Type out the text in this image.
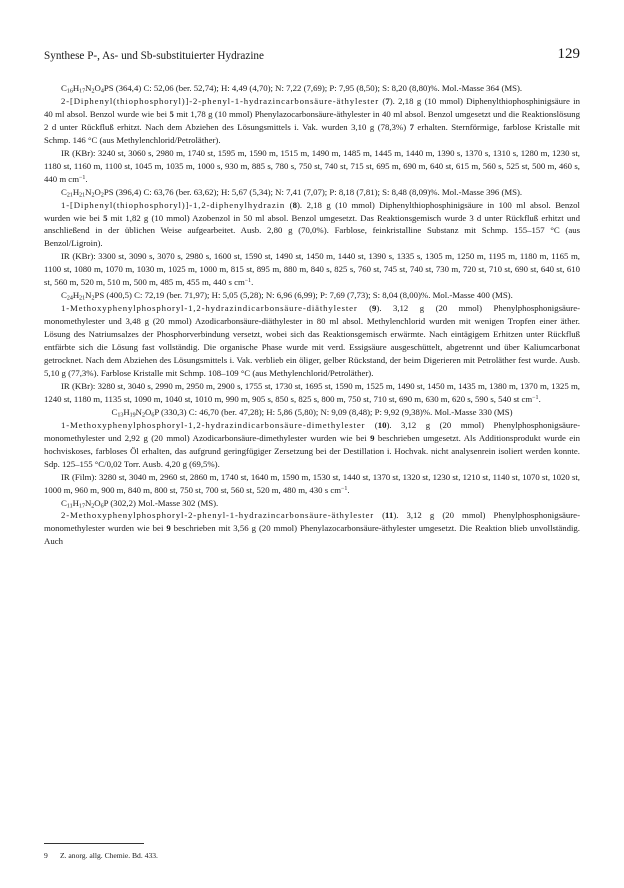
Synthese P-, As- und Sb-substituierter Hydrazine	129

$C_{16}H_{17}N_2O_4PS$ (364,4) C: 52,06 (ber. 52,74); H: 4,49 (4,70); N: 7,22 (7,69); P: 7,95 (8,50); S: 8,20 (8,80)%. Mol.-Masse 364 (MS).

2-[Diphenyl(thiophosphoryl)]-2-phenyl-1-hydrazincarbonsäure-äthylester (7). 2,18 g (10 mmol) Diphenylthiophosphinigsäure in 40 ml absol. Benzol wurde wie bei 5 mit 1,78 g (10 mmol) Phenylazocarbonsäure-äthylester in 40 ml absol. Benzol umgesetzt und die Reaktionslösung 2 d unter Rückfluß erhitzt. Nach dem Abziehen des Lösungsmittels i. Vak. wurden 3,10 g (78,3%) 7 erhalten. Sternförmige, farblose Kristalle mit Schmp. 146 °C (aus Methylenchlorid/Petroläther).

IR (KBr): 3240 st, 3060 s, 2980 m, 1740 st, 1595 m, 1590 m, 1515 m, 1490 m, 1485 m, 1445 m, 1440 m, 1390 s, 1370 s, 1310 s, 1280 m, 1230 st, 1180 st, 1160 m, 1100 st, 1045 m, 1035 m, 1000 s, 930 m, 885 s, 780 s, 750 st, 740 st, 715 st, 695 m, 690 m, 640 st, 615 m, 560 s, 525 st, 500 m, 460 s, 440 m $cm^{-1}$.

$C_{21}H_{21}N_2O_2PS$ (396,4) C: 63,76 (ber. 63,62); H: 5,67 (5,34); N: 7,41 (7,07); P: 8,18 (7,81); S: 8,48 (8,09)%. Mol.-Masse 396 (MS).

1-[Diphenyl(thiophosphoryl)]-1,2-diphenylhydrazin (8). 2,18 g (10 mmol) Diphenylthiophosphinigsäure in 100 ml absol. Benzol wurden wie bei 5 mit 1,82 g (10 mmol) Azobenzol in 50 ml absol. Benzol umgesetzt. Das Reaktionsgemisch wurde 3 d unter Rückfluß erhitzt und anschließend in der üblichen Weise aufgearbeitet. Ausb. 2,80 g (70,0%). Farblose, feinkristalline Substanz mit Schmp. 155–157 °C (aus Benzol/Ligroin).

IR (KBr): 3300 st, 3090 s, 3070 s, 2980 s, 1600 st, 1590 st, 1490 st, 1450 m, 1440 st, 1390 s, 1335 s, 1305 m, 1250 m, 1195 m, 1180 m, 1165 m, 1100 st, 1080 m, 1070 m, 1030 m, 1025 m, 1000 m, 815 st, 895 m, 880 m, 840 s, 825 s, 760 st, 745 st, 740 st, 730 m, 720 st, 710 st, 690 st, 640 st, 610 st, 560 m, 520 m, 510 m, 500 m, 485 m, 455 m, 440 s $cm^{-1}$.

$C_{24}H_{21}N_2PS$ (400,5) C: 72,19 (ber. 71,97); H: 5,05 (5,28); N: 6,96 (6,99); P: 7,69 (7,73); S: 8,04 (8,00)%. Mol.-Masse 400 (MS).

1-Methoxyphenylphosphoryl-1,2-hydrazindicarbonsäure-diäthylester (9). 3,12 g (20 mmol) Phenylphosphonigsäure-monomethylester und 3,48 g (20 mmol) Azodicarbonsäure-diäthylester in 80 ml absol. Methylenchlorid wurden mit wenigen Tropfen einer äther. Lösung des Natriumsalzes der Phosphorverbindung versetzt, wobei sich das Reaktionsgemisch erwärmte. Nach eintägigem Erhitzen unter Rückfluß entfärbte sich die Lösung fast vollständig. Die organische Phase wurde mit verd. Essigsäure ausgeschüttelt, abgetrennt und über Kaliumcarbonat getrocknet. Nach dem Abziehen des Lösungsmittels i. Vak. verblieb ein öliger, gelber Rückstand, der beim Digerieren mit Petroläther fest wurde. Ausb. 5,10 g (77,3%). Farblose Kristalle mit Schmp. 108–109 °C (aus Methylenchlorid/Petroläther).

IR (KBr): 3280 st, 3040 s, 2990 m, 2950 m, 2900 s, 1755 st, 1730 st, 1695 st, 1590 m, 1525 m, 1490 st, 1450 m, 1435 m, 1380 m, 1370 m, 1325 m, 1240 st, 1180 m, 1135 st, 1090 m, 1040 st, 1010 m, 990 m, 905 s, 850 s, 825 s, 800 m, 750 st, 710 st, 690 m, 630 m, 620 s, 590 s, 540 st $cm^{-1}$.

$C_{13}H_{19}N_2O_6P$ (330,3) C: 46,70 (ber. 47,28); H: 5,86 (5,80); N: 9,09 (8,48); P: 9,92 (9,38)%. Mol.-Masse 330 (MS)

1-Methoxyphenylphosphoryl-1,2-hydrazindicarbonsäure-dimethylester (10). 3,12 g (20 mmol) Phenylphosphonigsäure-monomethylester und 2,92 g (20 mmol) Azodicarbonsäure-dimethylester wurden wie bei 9 beschrieben umgesetzt. Als Additionsprodukt wurde ein hochviskoses, farbloses Öl erhalten, das aufgrund geringfügiger Zersetzung bei der Destillation i. Hochvak. nicht analysenrein isoliert werden konnte. Sdp. 125–155 °C/0,02 Torr. Ausb. 4,20 g (69,5%).

IR (Film): 3280 st, 3040 m, 2960 st, 2860 m, 1740 st, 1640 m, 1590 m, 1530 st, 1440 st, 1370 st, 1320 st, 1230 st, 1210 st, 1140 st, 1070 st, 1020 st, 1000 m, 960 m, 900 m, 840 m, 800 st, 750 st, 700 st, 560 st, 520 m, 480 m, 430 s $cm^{-1}$.

$C_{11}H_{17}N_2O_6P$ (302,2) Mol.-Masse 302 (MS).

2-Methoxyphenylphosphoryl-2-phenyl-1-hydrazincarbonsäure-äthylester (11). 3,12 g (20 mmol) Phenylphosphonigsäure-monomethylester wurden wie bei 9 beschrieben mit 3,56 g (20 mmol) Phenylazocarbonsäure-äthylester umgesetzt. Die Reaktion blieb unvollständig. Auch

9 Z. anorg. allg. Chemie. Bd. 433.
